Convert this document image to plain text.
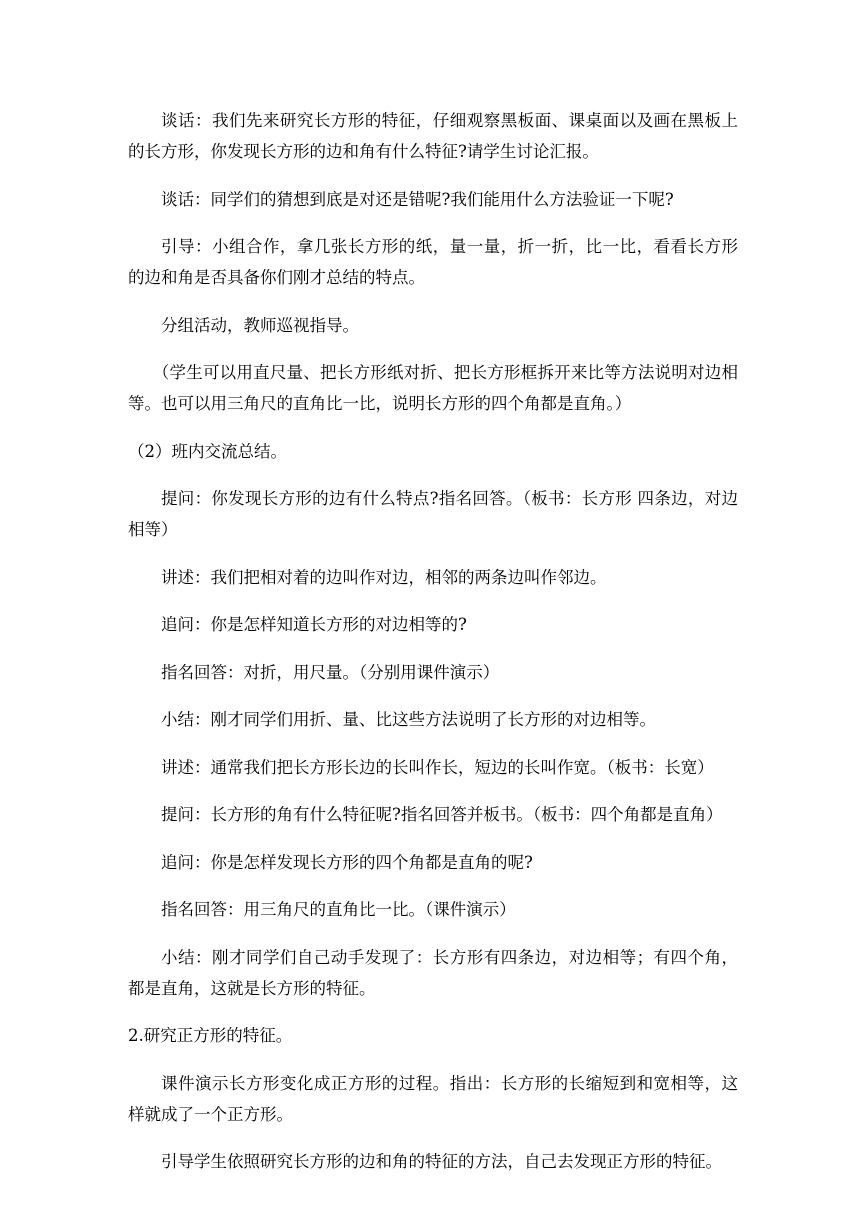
谈话：我们先来研究长方形的特征，仔细观察黑板面、课桌面以及画在黑板上的长方形，你发现长方形的边和角有什么特征?请学生讨论汇报。

谈话：同学们的猜想到底是对还是错呢?我们能用什么方法验证一下呢?

引导：小组合作，拿几张长方形的纸，量一量，折一折，比一比，看看长方形的边和角是否具备你们刚才总结的特点。

分组活动，教师巡视指导。

（学生可以用直尺量、把长方形纸对折、把长方形框拆开来比等方法说明对边相等。也可以用三角尺的直角比一比，说明长方形的四个角都是直角。）

（2）班内交流总结。

提问：你发现长方形的边有什么特点?指名回答。（板书：长方形 四条边，对边相等）

讲述：我们把相对着的边叫作对边，相邻的两条边叫作邻边。

追问：你是怎样知道长方形的对边相等的?

指名回答：对折，用尺量。（分别用课件演示）

小结：刚才同学们用折、量、比这些方法说明了长方形的对边相等。

讲述：通常我们把长方形长边的长叫作长，短边的长叫作宽。（板书：长宽）

提问：长方形的角有什么特征呢?指名回答并板书。（板书：四个角都是直角）

追问：你是怎样发现长方形的四个角都是直角的呢?

指名回答：用三角尺的直角比一比。（课件演示）

小结：刚才同学们自己动手发现了：长方形有四条边，对边相等；有四个角，都是直角，这就是长方形的特征。

2.研究正方形的特征。

课件演示长方形变化成正方形的过程。指出：长方形的长缩短到和宽相等，这样就成了一个正方形。

引导学生依照研究长方形的边和角的特征的方法，自己去发现正方形的特征。
